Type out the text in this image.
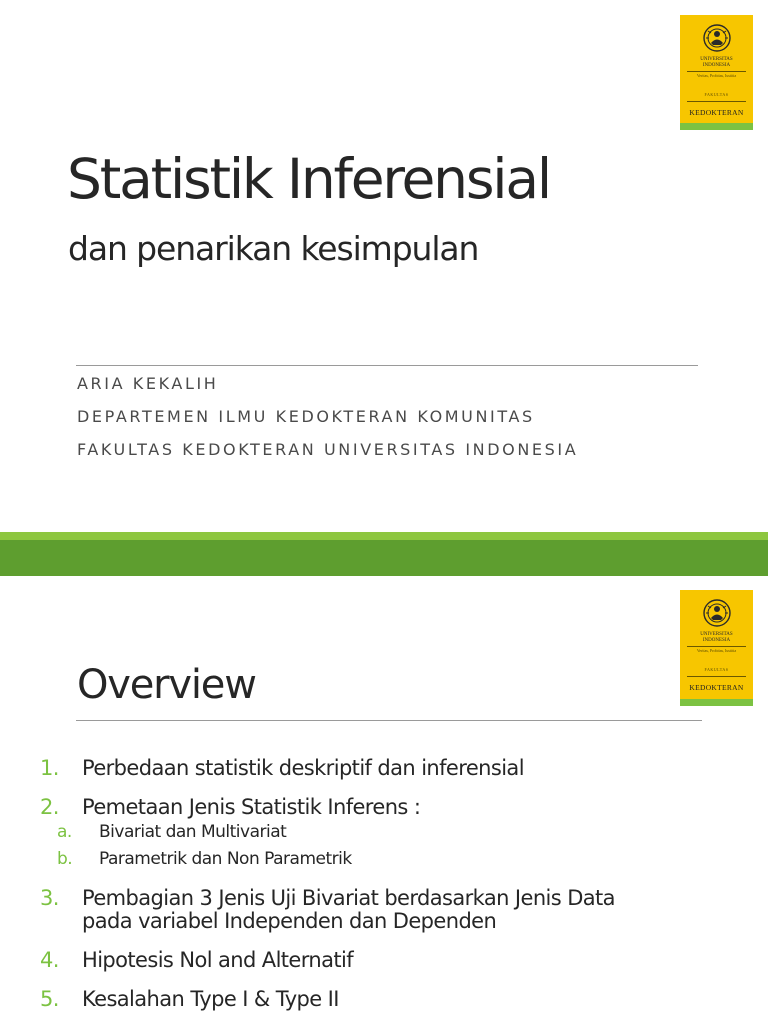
UNIVERSITAS
INDONESIA
Veritas, Probitas, Iustitia
FAKULTAS
KEDOKTERAN
Statistik Inferensial
dan penarikan kesimpulan

ARIA KEKALIH

DEPARTEMEN ILMU KEDOKTERAN KOMUNITAS

FAKULTAS KEDOKTERAN UNIVERSITAS INDONESIA

UNIVERSITAS
INDONESIA
Veritas, Probitas, Iustitia
FAKULTAS
KEDOKTERAN
Overview
1. Perbedaan statistik deskriptif dan inferensial
2. Pemetaan Jenis Statistik Inferens :
a. Bivariat dan Multivariat
b. Parametrik dan Non Parametrik
3. Pembagian 3 Jenis Uji Bivariat berdasarkan Jenis Data
pada variabel Independen dan Dependen
4. Hipotesis Nol and Alternatif
5. Kesalahan Type I & Type II
